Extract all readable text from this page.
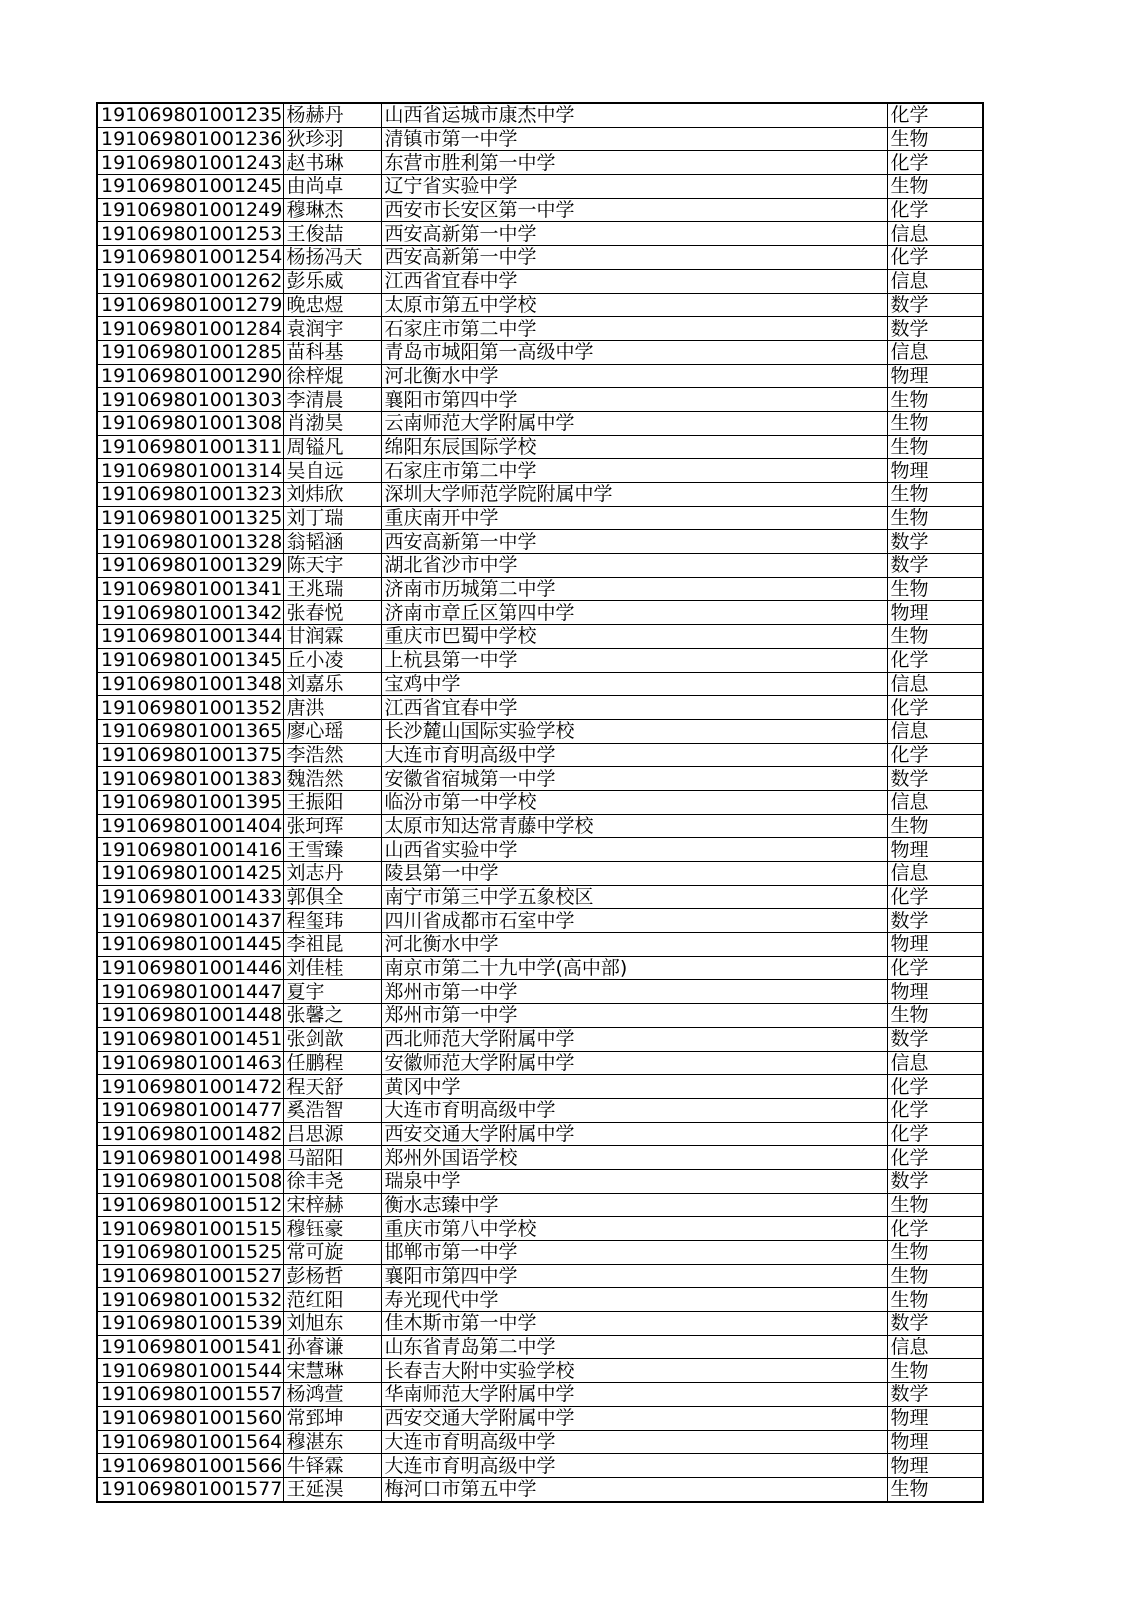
191069801001235	杨赫丹	山西省运城市康杰中学	化学
191069801001236	狄珍羽	清镇市第一中学	生物
191069801001243	赵书琳	东营市胜利第一中学	化学
191069801001245	由尚卓	辽宁省实验中学	生物
191069801001249	穆琳杰	西安市长安区第一中学	化学
191069801001253	王俊喆	西安高新第一中学	信息
191069801001254	杨扬冯天	西安高新第一中学	化学
191069801001262	彭乐威	江西省宜春中学	信息
191069801001279	晚忠煜	太原市第五中学校	数学
191069801001284	袁润宇	石家庄市第二中学	数学
191069801001285	苗科基	青岛市城阳第一高级中学	信息
191069801001290	徐梓焜	河北衡水中学	物理
191069801001303	李清晨	襄阳市第四中学	生物
191069801001308	肖渤昊	云南师范大学附属中学	生物
191069801001311	周镒凡	绵阳东辰国际学校	生物
191069801001314	吴自远	石家庄市第二中学	物理
191069801001323	刘炜欣	深圳大学师范学院附属中学	生物
191069801001325	刘丁瑞	重庆南开中学	生物
191069801001328	翁韬涵	西安高新第一中学	数学
191069801001329	陈天宇	湖北省沙市中学	数学
191069801001341	王兆瑞	济南市历城第二中学	生物
191069801001342	张春悦	济南市章丘区第四中学	物理
191069801001344	甘润霖	重庆市巴蜀中学校	生物
191069801001345	丘小凌	上杭县第一中学	化学
191069801001348	刘嘉乐	宝鸡中学	信息
191069801001352	唐洪	江西省宜春中学	化学
191069801001365	廖心瑶	长沙麓山国际实验学校	信息
191069801001375	李浩然	大连市育明高级中学	化学
191069801001383	魏浩然	安徽省宿城第一中学	数学
191069801001395	王振阳	临汾市第一中学校	信息
191069801001404	张珂珲	太原市知达常青藤中学校	生物
191069801001416	王雪臻	山西省实验中学	物理
191069801001425	刘志丹	陵县第一中学	信息
191069801001433	郭俱全	南宁市第三中学五象校区	化学
191069801001437	程玺玮	四川省成都市石室中学	数学
191069801001445	李祖昆	河北衡水中学	物理
191069801001446	刘佳桂	南京市第二十九中学(高中部)	化学
191069801001447	夏宇	郑州市第一中学	物理
191069801001448	张馨之	郑州市第一中学	生物
191069801001451	张剑歆	西北师范大学附属中学	数学
191069801001463	任鹏程	安徽师范大学附属中学	信息
191069801001472	程天舒	黄冈中学	化学
191069801001477	奚浩智	大连市育明高级中学	化学
191069801001482	吕思源	西安交通大学附属中学	化学
191069801001498	马韶阳	郑州外国语学校	化学
191069801001508	徐丰尧	瑞泉中学	数学
191069801001512	宋梓赫	衡水志臻中学	生物
191069801001515	穆钰豪	重庆市第八中学校	化学
191069801001525	常可旋	邯郸市第一中学	生物
191069801001527	彭杨哲	襄阳市第四中学	生物
191069801001532	范红阳	寿光现代中学	生物
191069801001539	刘旭东	佳木斯市第一中学	数学
191069801001541	孙睿谦	山东省青岛第二中学	信息
191069801001544	宋慧琳	长春吉大附中实验学校	生物
191069801001557	杨鸿萱	华南师范大学附属中学	数学
191069801001560	常郅坤	西安交通大学附属中学	物理
191069801001564	穆湛东	大连市育明高级中学	物理
191069801001566	牛铎霖	大连市育明高级中学	物理
191069801001577	王延淏	梅河口市第五中学	生物
